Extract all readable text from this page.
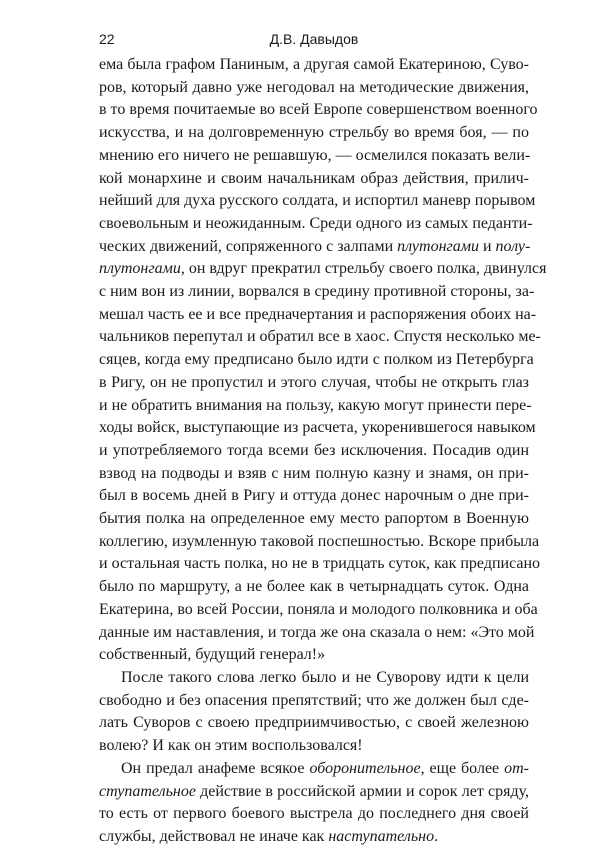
22	Д.В. Давыдов
ема была графом Паниным, а другая самой Екатериною, Суво-
ров, который давно уже негодовал на методические движения,
в то время почитаемые во всей Европе совершенством военного
искусства, и на долговременную стрельбу во время боя, — по
мнению его ничего не решавшую, — осмелился показать вели-
кой монархине и своим начальникам образ действия, прилич-
нейший для духа русского солдата, и испортил маневр порывом
своевольным и неожиданным. Среди одного из самых педанти-
ческих движений, сопряженного с залпами плутонгами и полу-
плутонгами, он вдруг прекратил стрельбу своего полка, двинулся
с ним вон из линии, ворвался в средину противной стороны, за-
мешал часть ее и все предначертания и распоряжения обоих на-
чальников перепутал и обратил все в хаос. Спустя несколько ме-
сяцев, когда ему предписано было идти с полком из Петербурга
в Ригу, он не пропустил и этого случая, чтобы не открыть глаз
и не обратить внимания на пользу, какую могут принести пере-
ходы войск, выступающие из расчета, укоренившегося навыком
и употребляемого тогда всеми без исключения. Посадив один
взвод на подводы и взяв с ним полную казну и знамя, он при-
был в восемь дней в Ригу и оттуда донес нарочным о дне при-
бытия полка на определенное ему место рапортом в Военную
коллегию, изумленную таковой поспешностью. Вскоре прибыла
и остальная часть полка, но не в тридцать суток, как предписано
было по маршруту, а не более как в четырнадцать суток. Одна
Екатерина, во всей России, поняла и молодого полковника и оба
данные им наставления, и тогда же она сказала о нем: «Это мой
собственный, будущий генерал!»
После такого слова легко было и не Суворову идти к цели
свободно и без опасения препятствий; что же должен был сде-
лать Суворов с своею предприимчивостью, с своей железною
волею? И как он этим воспользовался!
Он предал анафеме всякое оборонительное, еще более от-
ступательное действие в российской армии и сорок лет сряду,
то есть от первого боевого выстрела до последнего дня своей
службы, действовал не иначе как наступательно.
